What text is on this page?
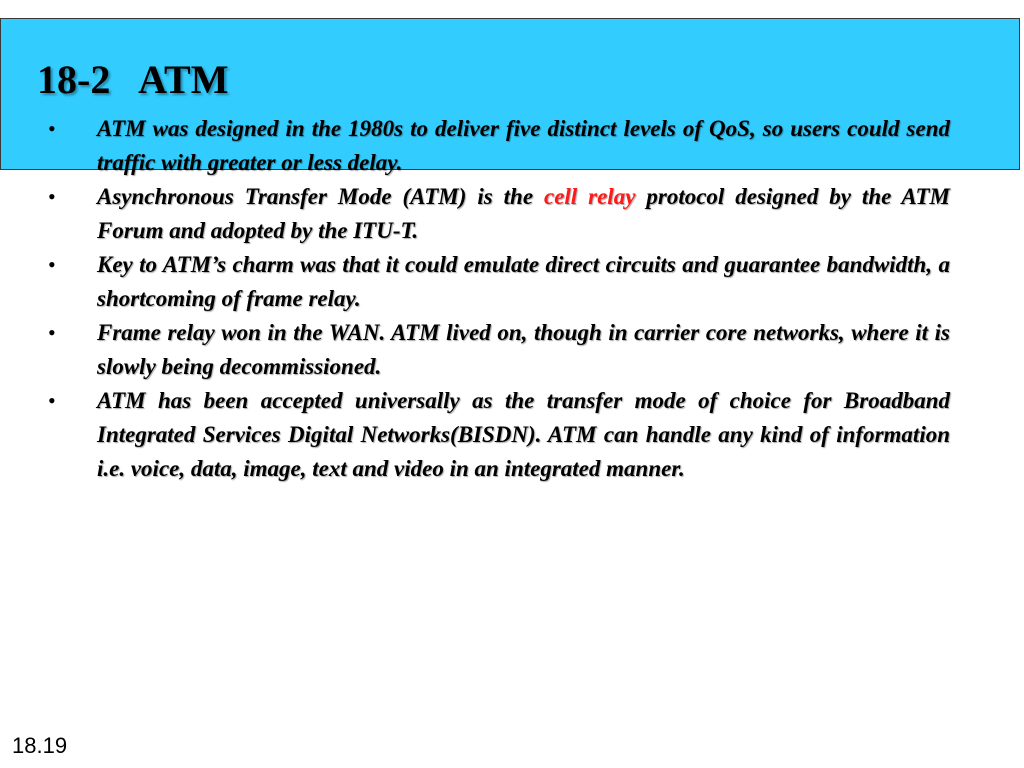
18-2   ATM
• ATM was designed in the 1980s to deliver five distinct levels of QoS, so users could send traffic with greater or less delay.
• Asynchronous Transfer Mode (ATM) is the cell relay protocol designed by the ATM Forum and adopted by the ITU-T.
• Key to ATM’s charm was that it could emulate direct circuits and guarantee bandwidth, a shortcoming of frame relay.
• Frame relay won in the WAN. ATM lived on, though in carrier core networks, where it is slowly being decommissioned.
• ATM has been accepted universally as the transfer mode of choice for Broadband Integrated Services Digital Networks(BISDN). ATM can handle any kind of information i.e. voice, data, image, text and video in an integrated manner.
18.19
